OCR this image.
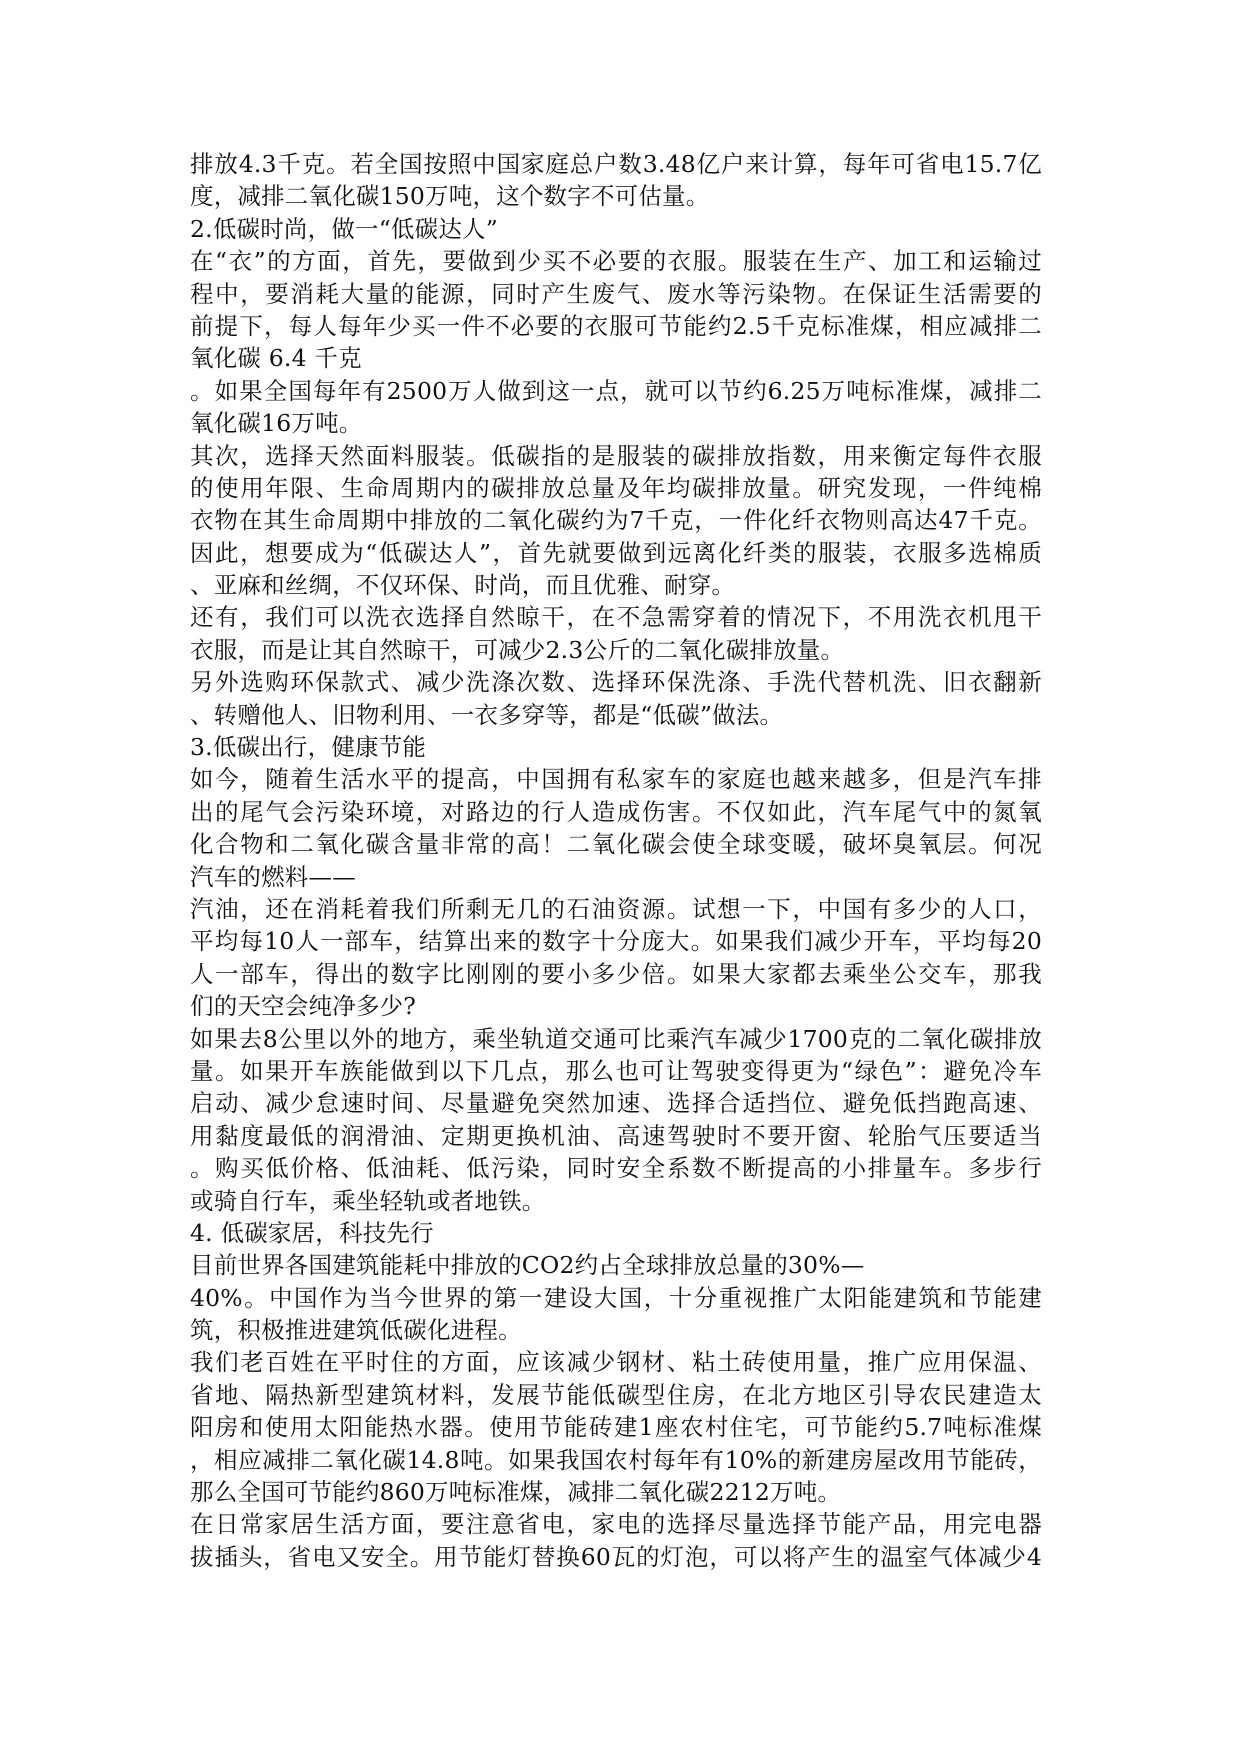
排放4.3千克。若全国按照中国家庭总户数3.48亿户来计算，每年可省电15.7亿
度，减排二氧化碳150万吨，这个数字不可估量。
2.低碳时尚，做一“低碳达人”
在“衣”的方面，首先，要做到少买不必要的衣服。服装在生产、加工和运输过
程中，要消耗大量的能源，同时产生废气、废水等污染物。在保证生活需要的
前提下，每人每年少买一件不必要的衣服可节能约2.5千克标准煤，相应减排二
氧化碳 6.4 千克
。如果全国每年有2500万人做到这一点，就可以节约6.25万吨标准煤，减排二
氧化碳16万吨。
其次，选择天然面料服装。低碳指的是服装的碳排放指数，用来衡定每件衣服
的使用年限、生命周期内的碳排放总量及年均碳排放量。研究发现，一件纯棉
衣物在其生命周期中排放的二氧化碳约为7千克，一件化纤衣物则高达47千克。
因此，想要成为“低碳达人”，首先就要做到远离化纤类的服装，衣服多选棉质
、亚麻和丝绸，不仅环保、时尚，而且优雅、耐穿。
还有，我们可以洗衣选择自然晾干，在不急需穿着的情况下，不用洗衣机甩干
衣服，而是让其自然晾干，可减少2.3公斤的二氧化碳排放量。
另外选购环保款式、减少洗涤次数、选择环保洗涤、手洗代替机洗、旧衣翻新
、转赠他人、旧物利用、一衣多穿等，都是“低碳”做法。
3.低碳出行，健康节能
如今，随着生活水平的提高，中国拥有私家车的家庭也越来越多，但是汽车排
出的尾气会污染环境，对路边的行人造成伤害。不仅如此，汽车尾气中的氮氧
化合物和二氧化碳含量非常的高！二氧化碳会使全球变暖，破坏臭氧层。何况
汽车的燃料——
汽油，还在消耗着我们所剩无几的石油资源。试想一下，中国有多少的人口，
平均每10人一部车，结算出来的数字十分庞大。如果我们减少开车，平均每20
人一部车，得出的数字比刚刚的要小多少倍。如果大家都去乘坐公交车，那我
们的天空会纯净多少?
如果去8公里以外的地方，乘坐轨道交通可比乘汽车减少1700克的二氧化碳排放
量。如果开车族能做到以下几点，那么也可让驾驶变得更为“绿色”：避免冷车
启动、减少怠速时间、尽量避免突然加速、选择合适挡位、避免低挡跑高速、
用黏度最低的润滑油、定期更换机油、高速驾驶时不要开窗、轮胎气压要适当
。购买低价格、低油耗、低污染，同时安全系数不断提高的小排量车。多步行
或骑自行车，乘坐轻轨或者地铁。
4. 低碳家居，科技先行
目前世界各国建筑能耗中排放的CO2约占全球排放总量的30%—
40%。中国作为当今世界的第一建设大国，十分重视推广太阳能建筑和节能建
筑，积极推进建筑低碳化进程。
我们老百姓在平时住的方面，应该减少钢材、粘土砖使用量，推广应用保温、
省地、隔热新型建筑材料，发展节能低碳型住房，在北方地区引导农民建造太
阳房和使用太阳能热水器。使用节能砖建1座农村住宅，可节能约5.7吨标准煤
，相应减排二氧化碳14.8吨。如果我国农村每年有10%的新建房屋改用节能砖，
那么全国可节能约860万吨标准煤，减排二氧化碳2212万吨。
在日常家居生活方面，要注意省电，家电的选择尽量选择节能产品，用完电器
拔插头，省电又安全。用节能灯替换60瓦的灯泡，可以将产生的温室气体减少4
